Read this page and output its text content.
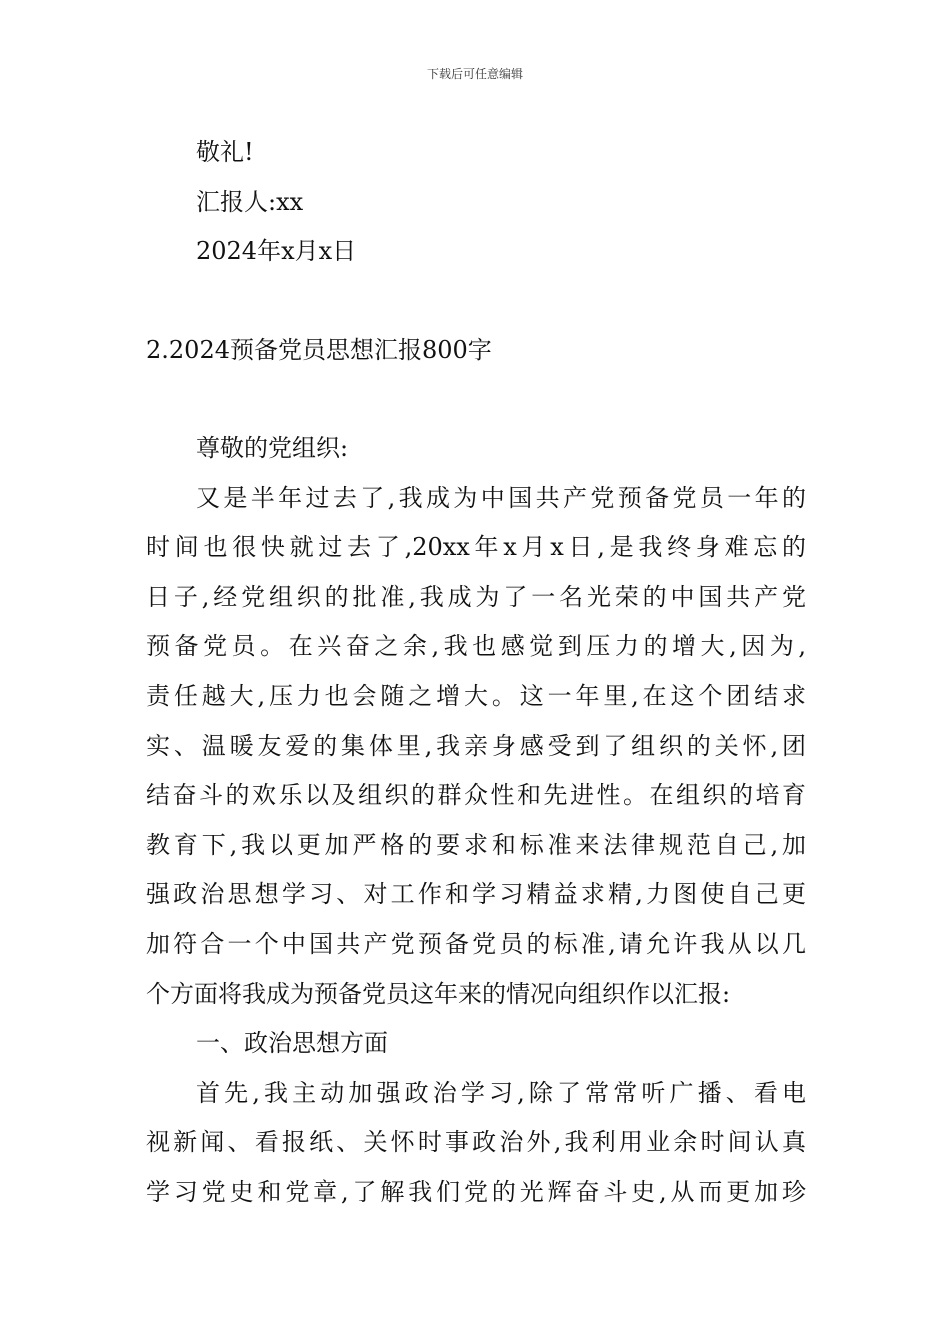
下载后可任意编辑
敬礼!
汇报人:xx
2024年x月x日
2.2024预备党员思想汇报800字
尊敬的党组织:
又是半年过去了,我成为中国共产党预备党员一年的
时间也很快就过去了,20xx年x月x日,是我终身难忘的
日子,经党组织的批准,我成为了一名光荣的中国共产党
预备党员。在兴奋之余,我也感觉到压力的增大,因为,
责任越大,压力也会随之增大。这一年里,在这个团结求
实、温暖友爱的集体里,我亲身感受到了组织的关怀,团
结奋斗的欢乐以及组织的群众性和先进性。在组织的培育
教育下,我以更加严格的要求和标准来法律规范自己,加
强政治思想学习、对工作和学习精益求精,力图使自己更
加符合一个中国共产党预备党员的标准,请允许我从以几
个方面将我成为预备党员这年来的情况向组织作以汇报:
一、政治思想方面
首先,我主动加强政治学习,除了常常听广播、看电
视新闻、看报纸、关怀时事政治外,我利用业余时间认真
学习党史和党章,了解我们党的光辉奋斗史,从而更加珍
